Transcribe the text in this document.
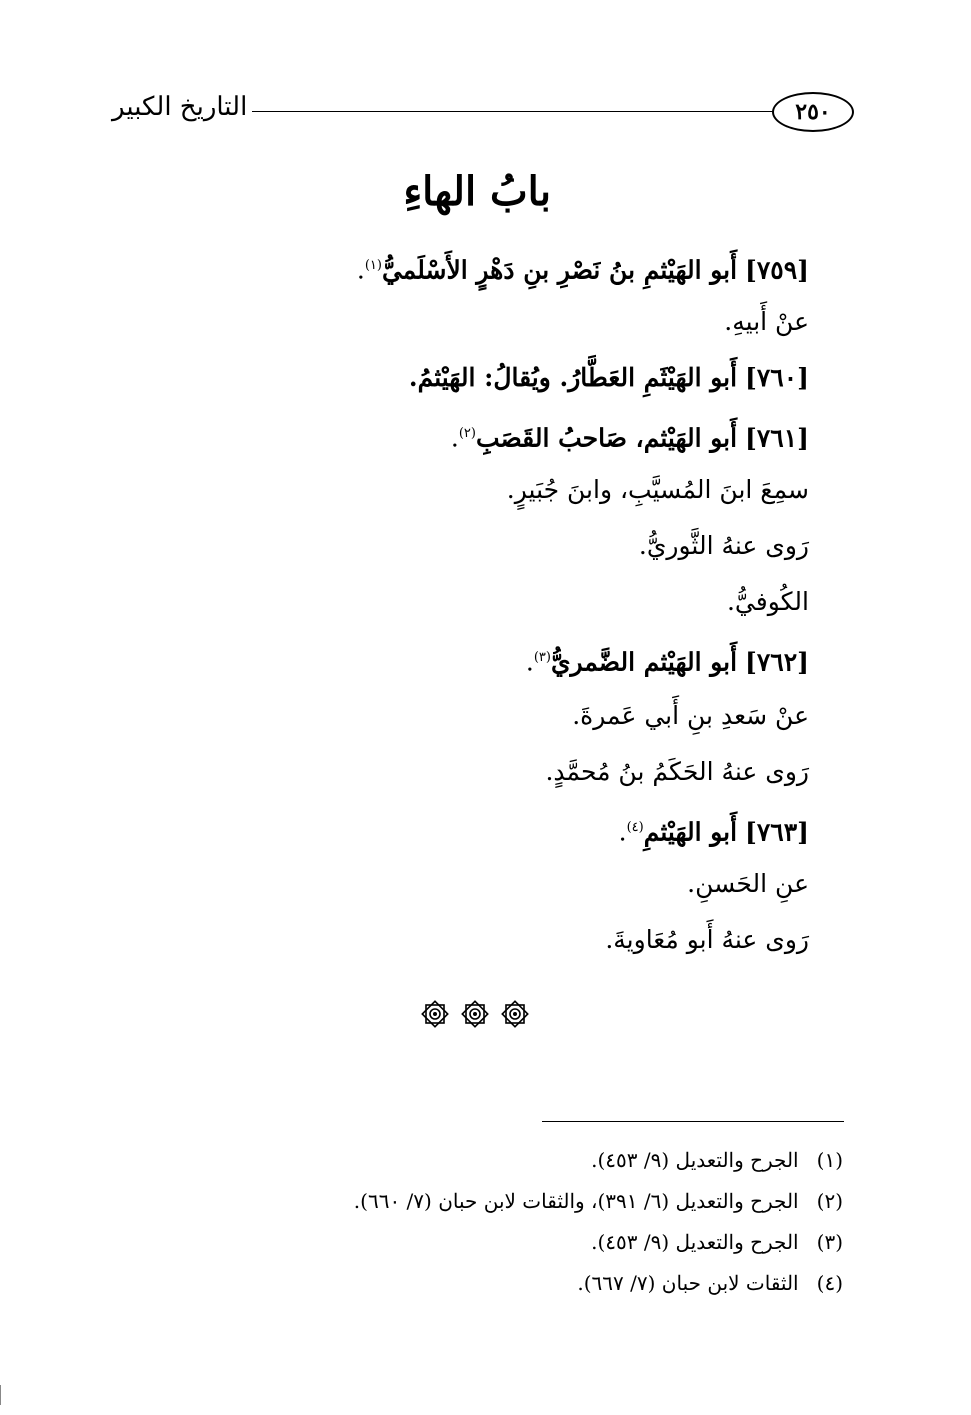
التاريخ الكبير	٢٥٠
بابُ الهاءِ
[٧٥٩] أَبو الهَيْثمِ بنُ نَصْرِ بنِ دَهْرٍ الأَسْلَميُّ$^{(١)}$.
عنْ أَبيهِ.
[٧٦٠] أَبو الهَيْثَمِ العَطَّارُ. ويُقالُ: الهَيْثمُ.
[٧٦١] أَبو الهَيْثم، صَاحبُ القَصَبِ$^{(٢)}$.
سمِعَ ابنَ المُسيَّبِ، وابنَ جُبَيرٍ.
رَوى عنهُ الثَّوريُّ.
الكُوفيُّ.
[٧٦٢] أَبو الهَيْثم الضَّمريُّ$^{(٣)}$.
عنْ سَعدِ بنِ أَبي عَمرةَ.
رَوى عنهُ الحَكَمُ بنُ مُحمَّدٍ.
[٧٦٣] أَبو الهَيْثمِ$^{(٤)}$.
عنِ الحَسنِ.
رَوى عنهُ أَبو مُعَاويةَ.
(١)الجرح والتعديل (٩/ ٤٥٣).
(٢)الجرح والتعديل (٦/ ٣٩١)، والثقات لابن حبان (٧/ ٦٦٠).
(٣)الجرح والتعديل (٩/ ٤٥٣).
(٤)الثقات لابن حبان (٧/ ٦٦٧).
